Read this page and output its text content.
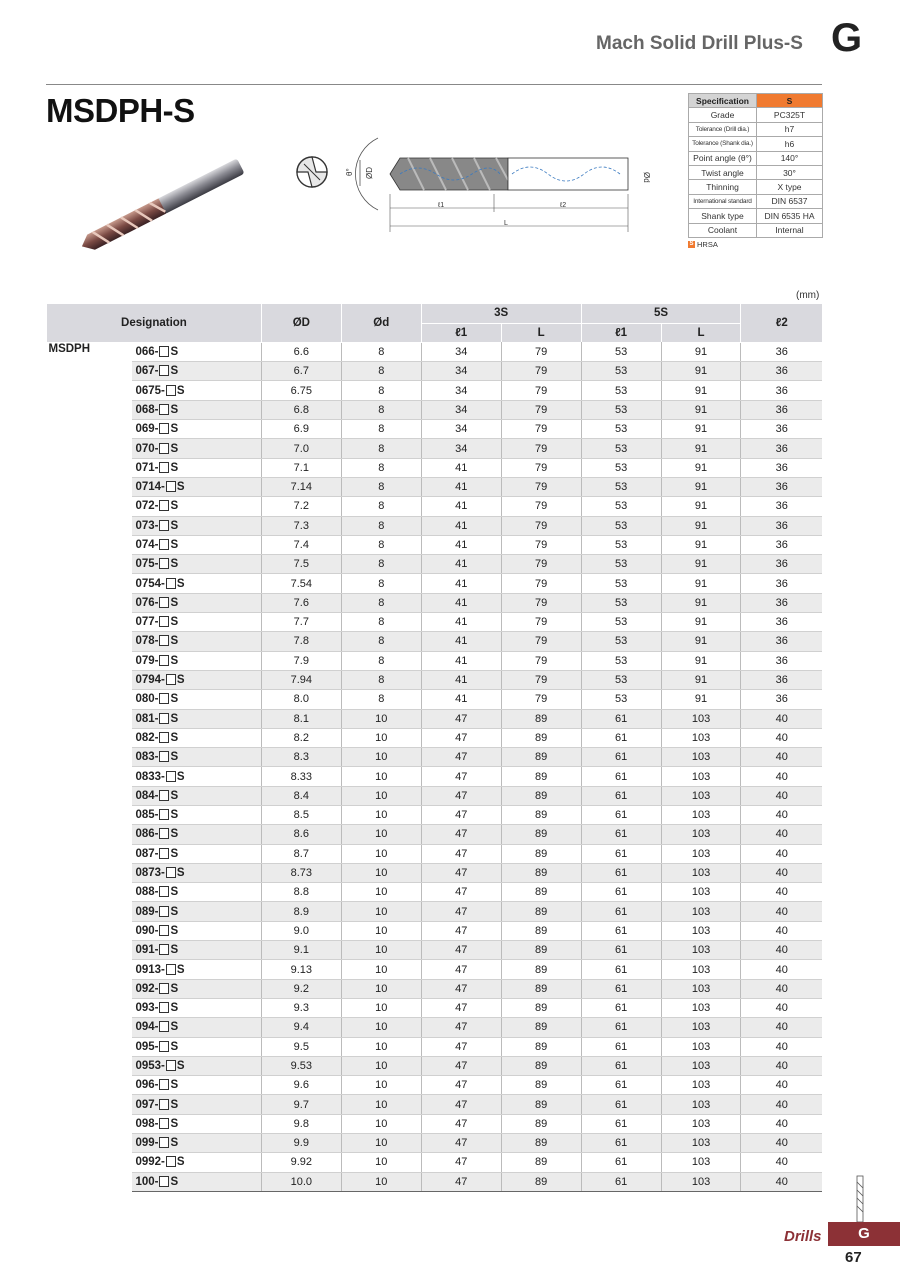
Mach Solid Drill Plus-S G
MSDPH-S
θ° ØD	Ød
ℓ1	ℓ2
L
Specification	S
Grade	PC325T
Tolerance (Drill dia.)	h7
Tolerance (Shank dia.)	h6
Point angle (θ°)	140°
Twist angle	30°
Thinning	X type
International standard	DIN 6537
Shank type	DIN 6535 HA
Coolant	Internal
S HRSA
(mm)
Designation		ØD	Ød	3S		5S		ℓ2
				ℓ1	L	ℓ1	L	
MSDPH	066- S	6.6	8	34	79	53	91	36
	067- S	6.7	8	34	79	53	91	36
	0675- S	6.75	8	34	79	53	91	36
	068- S	6.8	8	34	79	53	91	36
	069- S	6.9	8	34	79	53	91	36
	070- S	7.0	8	34	79	53	91	36
	071- S	7.1	8	41	79	53	91	36
	0714- S	7.14	8	41	79	53	91	36
	072- S	7.2	8	41	79	53	91	36
	073- S	7.3	8	41	79	53	91	36
	074- S	7.4	8	41	79	53	91	36
	075- S	7.5	8	41	79	53	91	36
	0754- S	7.54	8	41	79	53	91	36
	076- S	7.6	8	41	79	53	91	36
	077- S	7.7	8	41	79	53	91	36
	078- S	7.8	8	41	79	53	91	36
	079- S	7.9	8	41	79	53	91	36
	0794- S	7.94	8	41	79	53	91	36
	080- S	8.0	8	41	79	53	91	36
	081- S	8.1	10	47	89	61	103	40
	082- S	8.2	10	47	89	61	103	40
	083- S	8.3	10	47	89	61	103	40
	0833- S	8.33	10	47	89	61	103	40
	084- S	8.4	10	47	89	61	103	40
	085- S	8.5	10	47	89	61	103	40
	086- S	8.6	10	47	89	61	103	40
	087- S	8.7	10	47	89	61	103	40
	0873- S	8.73	10	47	89	61	103	40
	088- S	8.8	10	47	89	61	103	40
	089- S	8.9	10	47	89	61	103	40
	090- S	9.0	10	47	89	61	103	40
	091- S	9.1	10	47	89	61	103	40
	0913- S	9.13	10	47	89	61	103	40
	092- S	9.2	10	47	89	61	103	40
	093- S	9.3	10	47	89	61	103	40
	094- S	9.4	10	47	89	61	103	40
	095- S	9.5	10	47	89	61	103	40
	0953- S	9.53	10	47	89	61	103	40
	096- S	9.6	10	47	89	61	103	40
	097- S	9.7	10	47	89	61	103	40
	098- S	9.8	10	47	89	61	103	40
	099- S	9.9	10	47	89	61	103	40
	0992- S	9.92	10	47	89	61	103	40
	100- S	10.0	10	47	89	61	103	40
Drills	G
67
